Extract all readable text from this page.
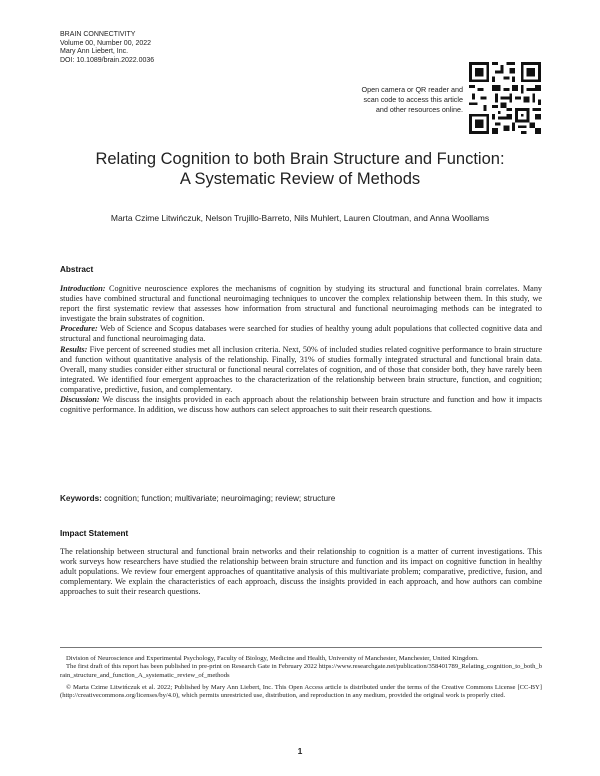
BRAIN CONNECTIVITY
Volume 00, Number 00, 2022
Mary Ann Liebert, Inc.
DOI: 10.1089/brain.2022.0036
Open camera or QR reader and
scan code to access this article
and other resources online.
Relating Cognition to both Brain Structure and Function:
A Systematic Review of Methods
Marta Czime Litwińczuk, Nelson Trujillo-Barreto, Nils Muhlert, Lauren Cloutman, and Anna Woollams
Abstract

Introduction: Cognitive neuroscience explores the mechanisms of cognition by studying its structural and functional brain correlates. Many studies have combined structural and functional neuroimaging techniques to uncover the complex relationship between them. In this study, we report the first systematic review that assesses how information from structural and functional neuroimaging methods can be integrated to investigate the brain substrates of cognition.

Procedure: Web of Science and Scopus databases were searched for studies of healthy young adult populations that collected cognitive data and structural and functional neuroimaging data.

Results: Five percent of screened studies met all inclusion criteria. Next, 50% of included studies related cognitive performance to brain structure and function without quantitative analysis of the relationship. Finally, 31% of studies formally integrated structural and functional brain data. Overall, many studies consider either structural or functional neural correlates of cognition, and of those that consider both, they have rarely been integrated. We identified four emergent approaches to the characterization of the relationship between brain structure, function, and cognition; comparative, predictive, fusion, and complementary.

Discussion: We discuss the insights provided in each approach about the relationship between brain structure and function and how it impacts cognitive performance. In addition, we discuss how authors can select approaches to suit their research questions.

Keywords: cognition; function; multivariate; neuroimaging; review; structure
Impact Statement
The relationship between structural and functional brain networks and their relationship to cognition is a matter of current investigations. This work surveys how researchers have studied the relationship between brain structure and function and its impact on cognitive function in healthy adult populations. We review four emergent approaches of quantitative analysis of this multivariate problem; comparative, predictive, fusion, and complementary. We explain the characteristics of each approach, discuss the insights provided in each approach, and how authors can combine approaches to suit their research questions.

Division of Neuroscience and Experimental Psychology, Faculty of Biology, Medicine and Health, University of Manchester, Manchester, United Kingdom.

The first draft of this report has been published in pre-print on Research Gate in February 2022 https://www.researchgate.net/publication/358401789_Relating_cognition_to_both_brain_structure_and_function_A_systematic_review_of_methods

© Marta Czime Litwińczuk et al. 2022; Published by Mary Ann Liebert, Inc. This Open Access article is distributed under the terms of the Creative Commons License [CC-BY] (http://creativecommons.org/licenses/by/4.0), which permits unrestricted use, distribution, and reproduction in any medium, provided the original work is properly cited.

1
